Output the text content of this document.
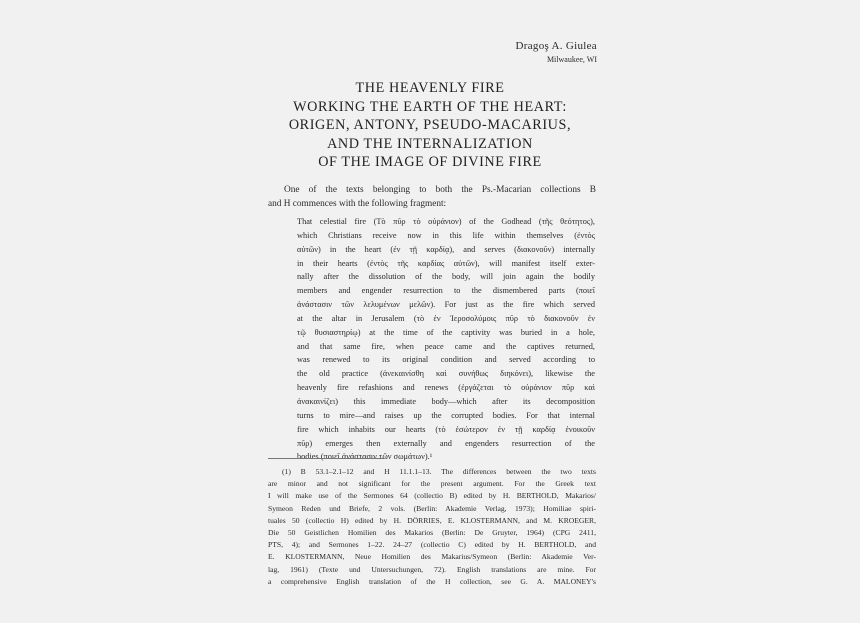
Dragoş A. Giulea
Milwaukee, WI
THE HEAVENLY FIRE
WORKING THE EARTH OF THE HEART:
ORIGEN, ANTONY, PSEUDO-MACARIUS,
AND THE INTERNALIZATION
OF THE IMAGE OF DIVINE FIRE
One of the texts belonging to both the Ps.-Macarian collections B
and H commences with the following fragment:
That celestial fire (Τὸ πῦρ τὸ οὐράνιον) of the Godhead (τῆς θεότητος),
which Christians receive now in this life within themselves (ἐντὸς
αὐτῶν) in the heart (ἐν τῇ καρδίᾳ), and serves (διακονοῦν) internally
in their hearts (ἐντὸς τῆς καρδίας αὐτῶν), will manifest itself exter-
nally after the dissolution of the body, will join again the bodily
members and engender resurrection to the dismembered parts (ποιεῖ
ἀνάστασιν τῶν λελυμένων μελῶν). For just as the fire which served
at the altar in Jerusalem (τὸ ἐν Ἱεροσολύμοις πῦρ τὸ διακονοῦν ἐν
τῷ θυσιαστηρίῳ) at the time of the captivity was buried in a hole,
and that same fire, when peace came and the captives returned,
was renewed to its original condition and served according to
the old practice (ἀνεκαινίσθη καὶ συνήθως διηκόνει), likewise the
heavenly fire refashions and renews (ἐργάζεται τὸ οὐράνιον πῦρ καὶ
ἀνακαινίζει) this immediate body—which after its decomposition
turns to mire—and raises up the corrupted bodies. For that internal
fire which inhabits our hearts (τὸ ἐσώτερον ἐν τῇ καρδίᾳ ἐνοικοῦν
πῦρ) emerges then externally and engenders resurrection of the
bodies (ποιεῖ ἀνάστασιν τῶν σωμάτων).¹
(1) B 53.1–2.1–12 and H 11.1.1–13. The differences between the two texts
are minor and not significant for the present argument. For the Greek text
I will make use of the Sermones 64 (collectio B) edited by H. BERTHOLD, Makarios/
Symeon Reden und Briefe, 2 vols. (Berlin: Akademie Verlag, 1973); Homiliae spiri-
tuales 50 (collectio H) edited by H. DÖRRIES, E. KLOSTERMANN, and M. KROEGER,
Die 50 Geistlichen Homilien des Makarios (Berlin: De Gruyter, 1964) (CPG 2411,
PTS, 4); and Sermones 1–22. 24–27 (collectio C) edited by H. BERTHOLD, and
E. KLOSTERMANN, Neue Homilien des Makarius/Symeon (Berlin: Akademie Ver-
lag, 1961) (Texte und Untersuchungen, 72). English translations are mine. For
a comprehensive English translation of the H collection, see G. A. MALONEY's
